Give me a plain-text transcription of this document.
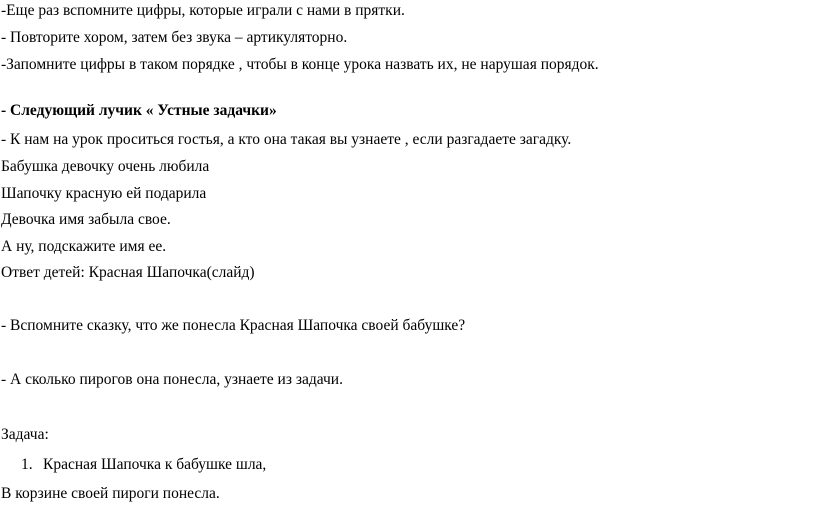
-Еще раз вспомните цифры, которые играли с нами в прятки.
- Повторите хором, затем без звука – артикуляторно.
-Запомните цифры в таком порядке , чтобы в конце урока назвать их, не нарушая порядок.
- Следующий лучик « Устные задачки»
- К нам на урок проситься гостья, а кто она такая вы узнаете , если разгадаете загадку.
Бабушка девочку очень любила
Шапочку красную ей подарила
Девочка имя забыла свое.
А ну, подскажите имя ее.
Ответ детей: Красная Шапочка(слайд)
- Вспомните сказку, что же понесла Красная Шапочка своей бабушке?
- А сколько пирогов она понесла, узнаете из задачи.
Задача:
1. Красная Шапочка к бабушке шла,
В корзине своей пироги понесла.
